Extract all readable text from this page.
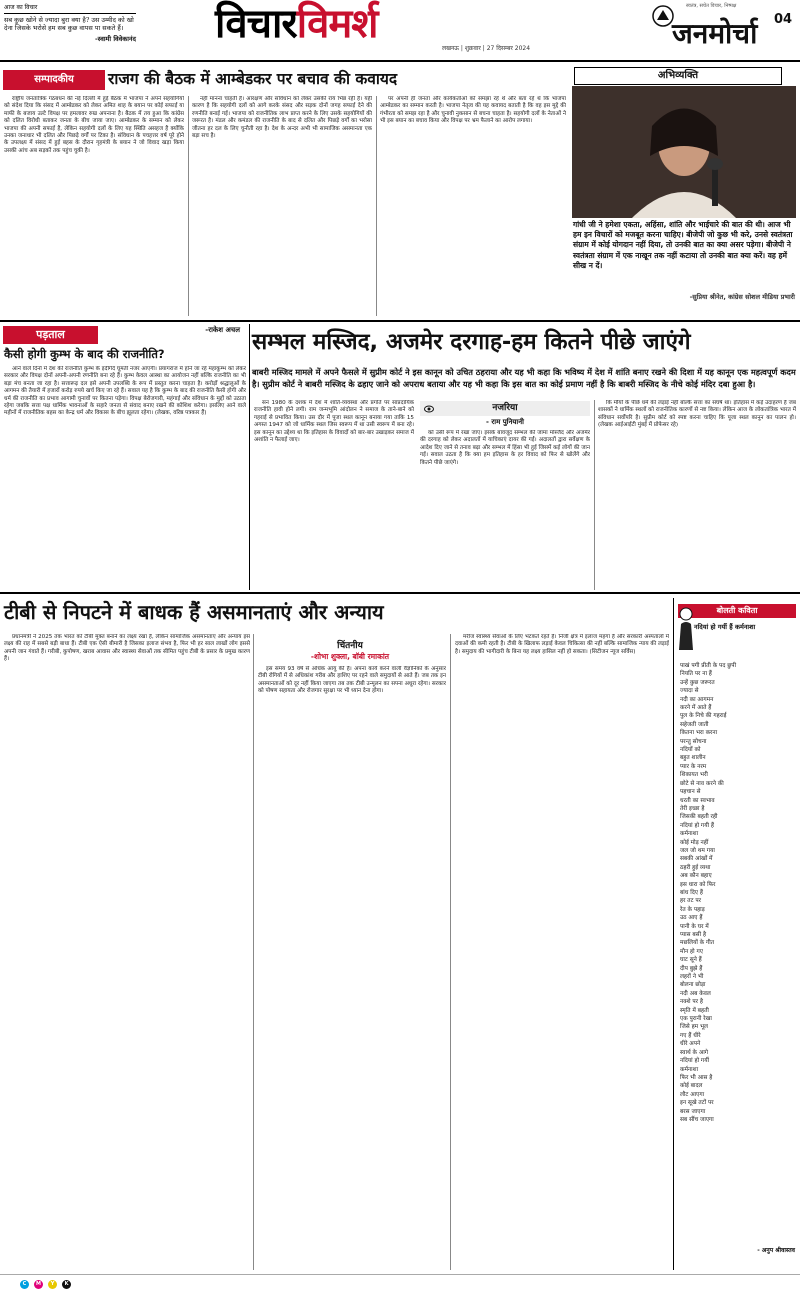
आज का विचार
सब कुछ खोने से ज्यादा बुरा क्या है? उस उम्मीद को खो देना जिसके भरोसे हम सब कुछ वापस पा सकते हैं।
-स्वामी विवेकानंद विचारविमर्श
लखनऊ | शुक्रवार | 27 दिसम्बर 2024
स्वतंत्र, सचेत विचार, निष्पक्ष
जनमोर्चा	04
सम्पादकीय	राजग की बैठक में आम्बेडकर पर बचाव की कवायद

राष्ट्रीय जनतांत्रिक गठबंधन की नई दिल्ली में हुई बैठक में भाजपा ने अपने सहयोगियों को संदेश दिया कि संसद में आम्बेडकर को लेकर अमित शाह के बयान पर कोई सफाई या माफी के बजाय उल्टे विपक्ष पर हमलावर रुख अपनाना है। बैठक में तय हुआ कि कांग्रेस को दलित विरोधी बताकर जनता के बीच जाया जाए। आम्बेडकर के सम्मान को लेकर भाजपा की अपनी सफाई है, लेकिन सहयोगी दलों के लिए यह स्थिति असहज है क्योंकि उनका जनाधार भी दलित और पिछड़े वर्गों पर टिका है। संविधान के पचहत्तर वर्ष पूरे होने के उपलक्ष्य में संसद में हुई बहस के दौरान गृहमंत्री के बयान ने जो विवाद खड़ा किया उसकी आंच अब सड़कों तक पहुंच चुकी है।

नहीं मानना चाहती है। आरक्षण और संविधान को लेकर उसकी राय भिन्न रही है। यही कारण है कि सहयोगी दलों को आगे करके संसद और सड़क दोनों जगह सफाई देने की रणनीति बनाई गई। भाजपा को राजनीतिक लाभ प्राप्त करने के लिए उसके सहयोगियों की जरूरत है। मंडल और कमंडल की राजनीति के बाद से दलित और पिछड़े वर्गों का भरोसा जीतना हर दल के लिए चुनौती रहा है। देश के अन्दर अभी भी सामाजिक असमानता एक बड़ा सच है।

पर अपनी ही जनता और कार्यकर्ताओं को समझा रहे थे और बता रहे थे कि भाजपा आम्बेडकर का सम्मान करती है। भाजपा नेतृत्व की यह कवायद बताती है कि वह इस मुद्दे की गंभीरता को समझ रहा है और चुनावी नुकसान से बचना चाहता है। सहयोगी दलों के नेताओं ने भी इस बयान का बचाव किया और विपक्ष पर भ्रम फैलाने का आरोप लगाया।

अभिव्यक्ति
गांधी जी ने हमेशा एकता, अहिंसा, शांति और भाईचारे की बात की थी। आज भी हम इन विचारों को मजबूत करना चाहिए। बीजेपी जो कुछ भी करे, उनसे स्वतंत्रता संग्राम में कोई योगदान नहीं दिया, तो उनकी बात का क्या असर पड़ेगा। बीजेपी ने स्वतंत्रता संग्राम में एक नाखून तक नहीं कटाया तो उनकी बात क्या करें। वह हमें सीख न दें।
-सुप्रिया श्रीनेत, कांग्रेस सोशल मीडिया प्रभारी
पड़ताल	-राकेश अचल
कैसी होगी कुम्भ के बाद की राजनीति?

आने वाले दिनों में देश की राजनीति कुम्भ के इर्दगिर्द घूमती नजर आएगी। प्रयागराज में होने जा रहे महाकुम्भ को लेकर सरकार और विपक्ष दोनों अपनी-अपनी रणनीति बना रहे हैं। कुम्भ केवल आस्था का आयोजन नहीं बल्कि राजनीति का भी बड़ा मंच बनता जा रहा है। सत्तारूढ़ दल इसे अपनी उपलब्धि के रूप में प्रस्तुत करना चाहता है। करोड़ों श्रद्धालुओं के आगमन की तैयारी में हजारों करोड़ रुपये खर्च किए जा रहे हैं। सवाल यह है कि कुम्भ के बाद की राजनीति कैसी होगी और धर्म की राजनीति का प्रभाव आगामी चुनावों पर कितना पड़ेगा। विपक्ष बेरोजगारी, महंगाई और संविधान के मुद्दों को उठाता रहेगा जबकि सत्ता पक्ष धार्मिक भावनाओं के सहारे जनता से संवाद बनाए रखने की कोशिश करेगा। इसलिए आने वाले महीनों में राजनीतिक बहस का केन्द्र धर्म और विकास के बीच झूलता रहेगा। (लेखक, वरिष्ठ पत्रकार हैं)

सम्भल मस्जिद, अजमेर दरगाह-हम कितने पीछे जाएंगे
बाबरी मस्जिद मामले में अपने फैसले में सुप्रीम कोर्ट ने इस कानून को उचित ठहराया और यह भी कहा कि भविष्य में देश में शांति बनाए रखने की दिशा में यह कानून एक महत्वपूर्ण कदम है। सुप्रीम कोर्ट ने बाबरी मस्जिद के ढहाए जाने को अपराध बताया और यह भी कहा कि इस बात का कोई प्रमाण नहीं है कि बाबरी मस्जिद के नीचे कोई मंदिर दबा हुआ है।

सन 1980 के दशक में देश में शांति-व्यवस्था और प्रगति पर सांप्रदायिक राजनीति हावी होने लगी। राम जन्मभूमि आंदोलन ने समाज के ताने-बाने को गहराई से प्रभावित किया। उस दौर में पूजा स्थल कानून बनाया गया ताकि 15 अगस्त 1947 को जो धार्मिक स्थल जिस स्वरूप में था उसी स्वरूप में बना रहे। इस कानून का उद्देश्य था कि इतिहास के विवादों को बार-बार उखाड़कर समाज में अशांति न फैलाई जाए।

नजरिया
- राम पुनियानी

को उसी रूप में रखा जाए। इसके बावजूद सम्भल की जामा मस्जिद और अजमेर की दरगाह को लेकर अदालतों में याचिकाएं दायर की गईं। अदालतों द्वारा सर्वेक्षण के आदेश दिए जाने से तनाव बढ़ा और सम्भल में हिंसा भी हुई जिसमें कई लोगों की जान गई। सवाल उठता है कि क्या हम इतिहास के हर विवाद को फिर से खोलेंगे और कितने पीछे जाएंगे।

कि मौर्यों के पीछे धर्म की लड़ाई नहीं बल्कि सत्ता का संघर्ष था। इतिहास में कई उदाहरण हैं जब शासकों ने धार्मिक स्थलों को राजनीतिक कारणों से नष्ट किया। लेकिन आज के लोकतांत्रिक भारत में संविधान सर्वोपरि है। सुप्रीम कोर्ट को स्पष्ट करना चाहिए कि पूजा स्थल कानून का पालन हो। (लेखक आईआईटी मुंबई में प्रोफेसर रहे)

टीबी से निपटने में बाधक हैं असमानताएं और अन्याय
चिंतनीय
-शोभा शुक्ला, बॉबी रमाकांत

प्रधानमंत्री ने 2025 तक भारत को टीबी मुक्त बनाने का लक्ष्य रखा है, लेकिन सामाजिक असमानताएं और अन्याय इस लक्ष्य की राह में सबसे बड़ी बाधा हैं। टीबी एक ऐसी बीमारी है जिसका इलाज संभव है, फिर भी हर साल लाखों लोग इससे अपनी जान गंवाते हैं। गरीबी, कुपोषण, खराब आवास और स्वास्थ्य सेवाओं तक सीमित पहुंच टीबी के प्रसार के प्रमुख कारण हैं।

इस समय 93 वर्ष से अधिक आयु की है। अपना कार्य करने वाली वैज्ञानिकों के अनुसार टीबी रोगियों में से अधिकांश गरीब और हाशिए पर रहने वाले समुदायों से आते हैं। जब तक इन असमानताओं को दूर नहीं किया जाएगा तब तक टीबी उन्मूलन का सपना अधूरा रहेगा। सरकार को पोषण सहायता और रोजगार सुरक्षा पर भी ध्यान देना होगा।

मरीज स्वास्थ्य सेवाओं के लिए भटकते रहते हैं। निजी क्षेत्र में इलाज महंगा है और सरकारी अस्पतालों में दवाओं की कमी रहती है। टीबी के खिलाफ लड़ाई केवल चिकित्सा की नहीं बल्कि सामाजिक न्याय की लड़ाई है। समुदाय की भागीदारी के बिना यह लक्ष्य हासिल नहीं हो सकता। (सिटीजन न्यूज सर्विस)

बोलती कविता
नदियां हो गयीं हैं कर्मनाशा
पाखं पगी प्रीती के पद छुपी
नियति पर ना हैं
उन्हें कुछ जरूरत
ज्यादा से
नदी का आगमन
करने में आते हैं
पुल के निचे की गहराई
सहेजती जाती
कितना भरा करना
परन्तु सोचना
नदियों को
बहुत शालीन
प्यार के नरम
शिकायत भरी
छोटे से नाव करने की
पहचान से
धरती का स्वभाव
तेरी इच्छा है
जिसकी बहती रही
नदियां हो गयी हैं
कर्मनाशा
कोई मोड़ नहीं
जल जो थम गया
सबकी आंखों में
ठहरी हुई व्यथा
अब कौन बहाए
इस धारा को फिर
बांध दिए हैं
हर तट पर
रेत के पहाड़
उठ आए हैं
पानी के घर में
प्यास बसी है
मछलियों के गीत
मौन हो गए
घाट सूने हैं
दीप बुझे हैं
लहरों ने भी
बोलना छोड़ा
नदी अब केवल
नक्शे पर है
स्मृति में बहती
एक पुरानी रेखा
जिसे हम भूल
गए हैं धीरे
धीरे अपने
स्वार्थ के आगे
नदियां हो गयीं
कर्मनाशा
फिर भी आस है
कोई बादल
लौट आएगा
इन सूखे तटों पर
बरस जाएगा
सब सींच जाएगा
- अनुप श्रीवास्तव
C	M	Y	K
